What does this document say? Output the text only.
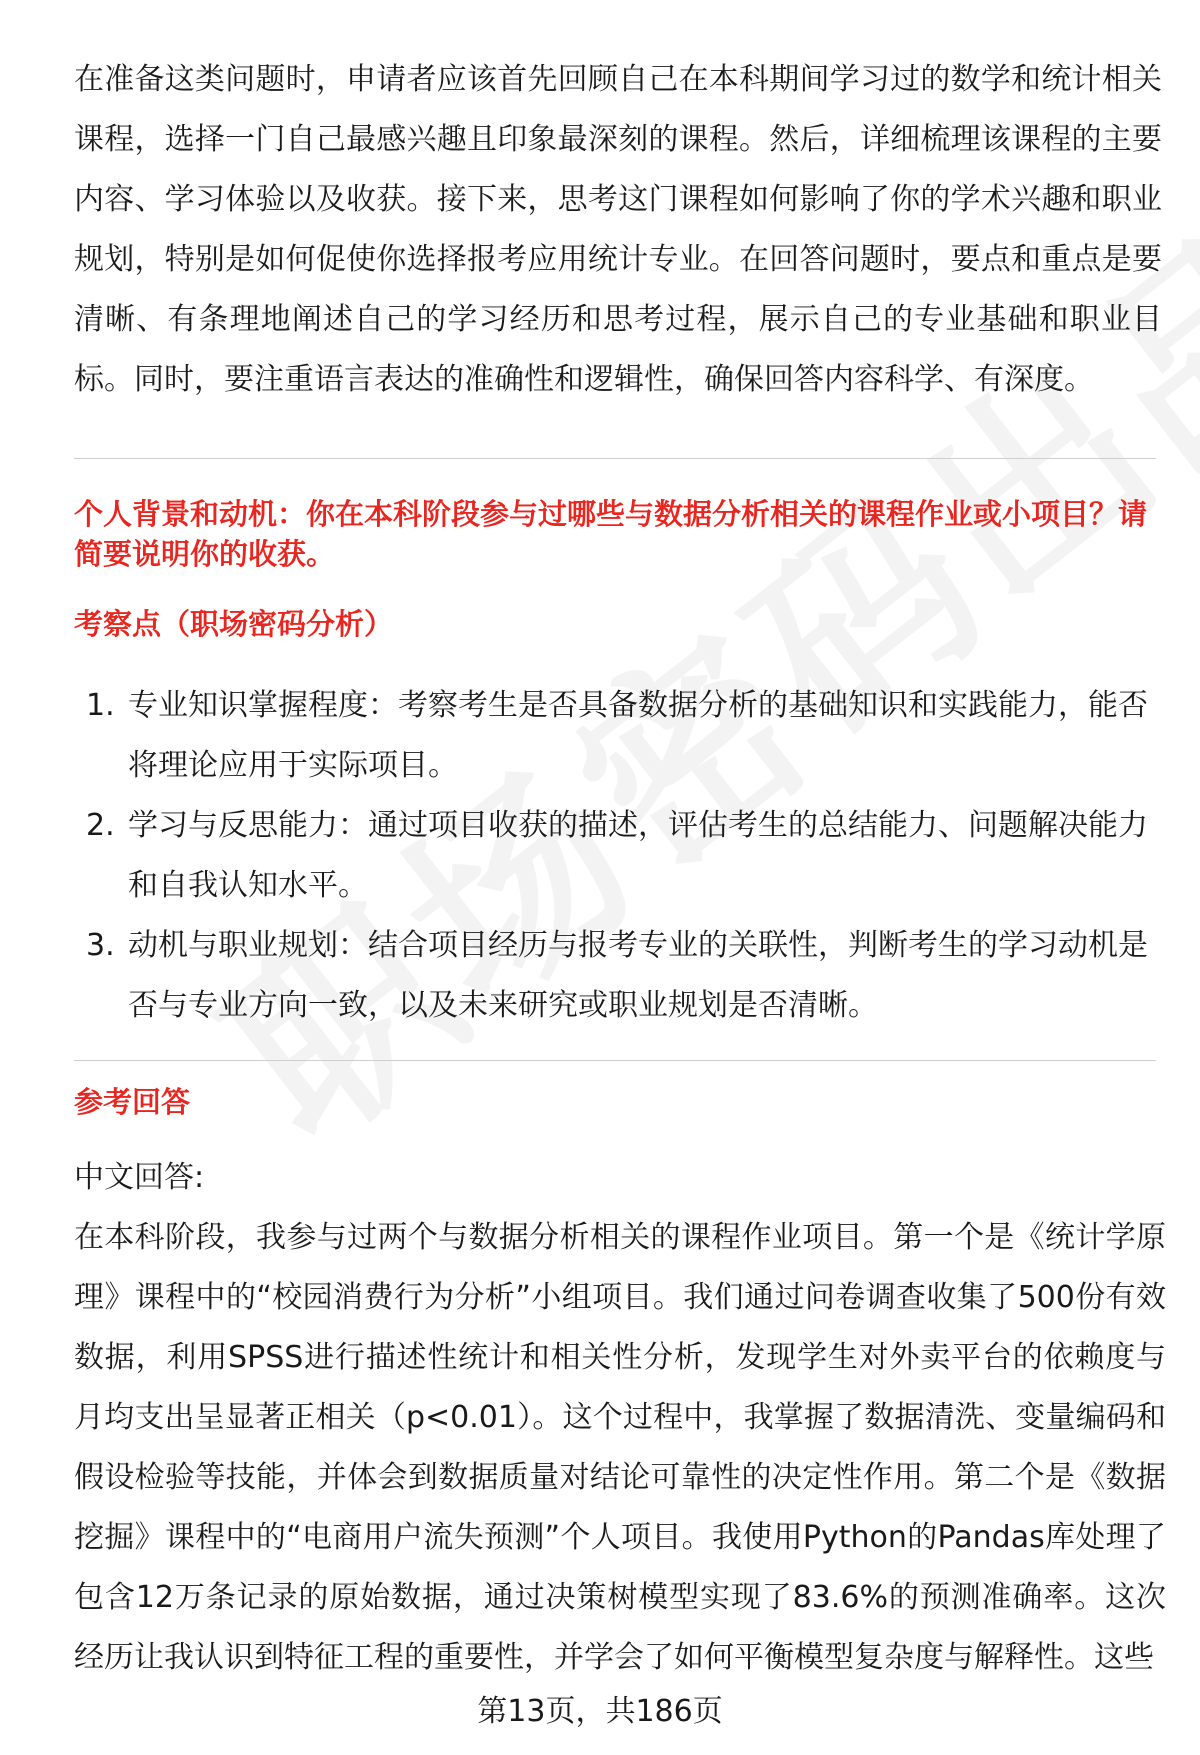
在准备这类问题时，申请者应该首先回顾自己在本科期间学习过的数学和统计相关课程，选择一门自己最感兴趣且印象最深刻的课程。然后，详细梳理该课程的主要内容、学习体验以及收获。接下来，思考这门课程如何影响了你的学术兴趣和职业规划，特别是如何促使你选择报考应用统计专业。在回答问题时，要点和重点是要清晰、有条理地阐述自己的学习经历和思考过程，展示自己的专业基础和职业目标。同时，要注重语言表达的准确性和逻辑性，确保回答内容科学、有深度。

个人背景和动机：你在本科阶段参与过哪些与数据分析相关的课程作业或小项目？请简要说明你的收获。

考察点（职场密码分析）

1. 专业知识掌握程度：考察考生是否具备数据分析的基础知识和实践能力，能否将理论应用于实际项目。
2. 学习与反思能力：通过项目收获的描述，评估考生的总结能力、问题解决能力和自我认知水平。
3. 动机与职业规划：结合项目经历与报考专业的关联性，判断考生的学习动机是否与专业方向一致，以及未来研究或职业规划是否清晰。

参考回答

中文回答:

在本科阶段，我参与过两个与数据分析相关的课程作业项目。第一个是《统计学原理》课程中的“校园消费行为分析”小组项目。我们通过问卷调查收集了500份有效数据，利用SPSS进行描述性统计和相关性分析，发现学生对外卖平台的依赖度与月均支出呈显著正相关（p<0.01）。这个过程中，我掌握了数据清洗、变量编码和假设检验等技能，并体会到数据质量对结论可靠性的决定性作用。第二个是《数据挖掘》课程中的“电商用户流失预测”个人项目。我使用Python的Pandas库处理了包含12万条记录的原始数据，通过决策树模型实现了83.6%的预测准确率。这次经历让我认识到特征工程的重要性，并学会了如何平衡模型复杂度与解释性。这些

第13页，共186页
